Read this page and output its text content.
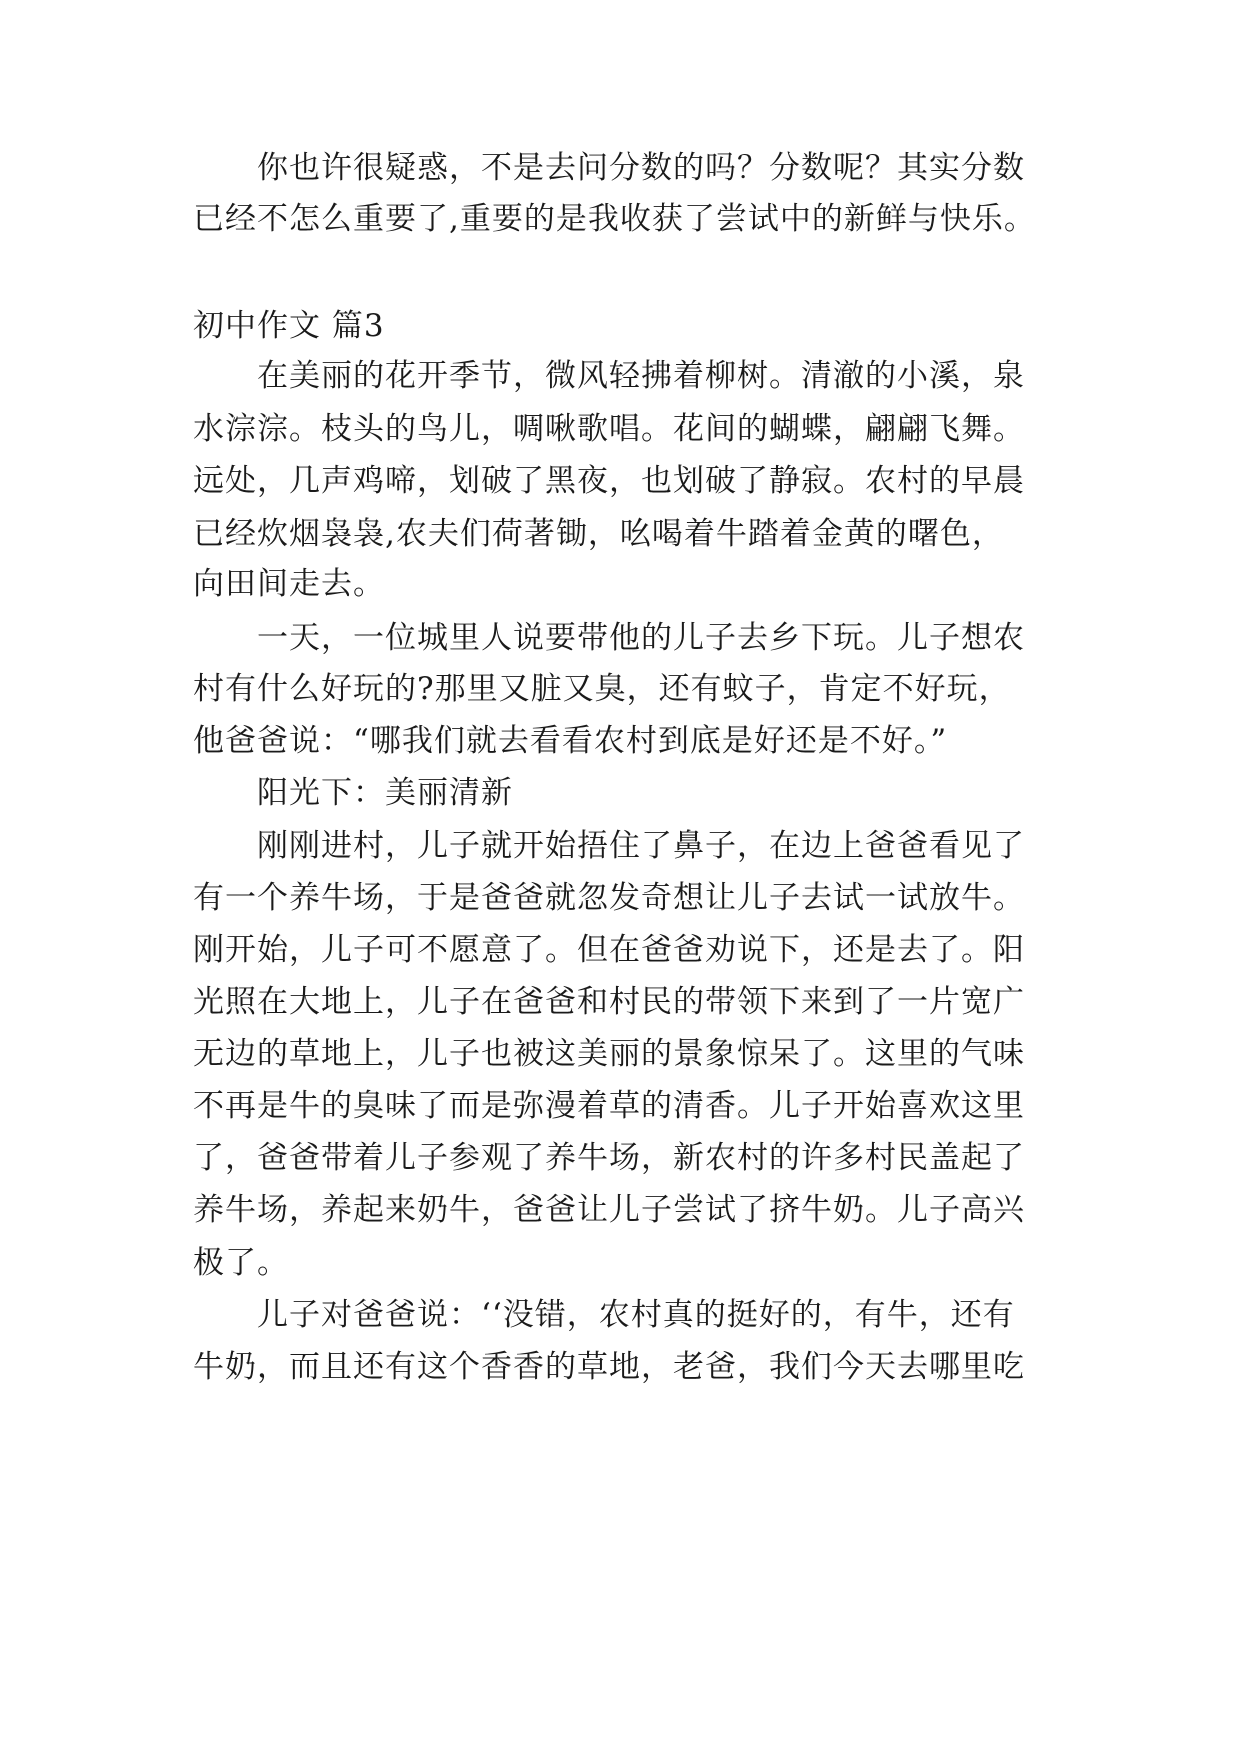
你也许很疑惑，不是去问分数的吗？分数呢？其实分数
已经不怎么重要了,重要的是我收获了尝试中的新鲜与快乐。
初中作文 篇3
在美丽的花开季节，微风轻拂着柳树。清澈的小溪，泉
水淙淙。枝头的鸟儿，啁啾歌唱。花间的蝴蝶，翩翩飞舞。
远处，几声鸡啼，划破了黑夜，也划破了静寂。农村的早晨
已经炊烟袅袅,农夫们荷著锄，吆喝着牛踏着金黄的曙色，
向田间走去。
一天，一位城里人说要带他的儿子去乡下玩。儿子想农
村有什么好玩的?那里又脏又臭，还有蚊子，肯定不好玩，
他爸爸说：“哪我们就去看看农村到底是好还是不好。”
阳光下：美丽清新
刚刚进村，儿子就开始捂住了鼻子，在边上爸爸看见了
有一个养牛场，于是爸爸就忽发奇想让儿子去试一试放牛。
刚开始，儿子可不愿意了。但在爸爸劝说下，还是去了。阳
光照在大地上，儿子在爸爸和村民的带领下来到了一片宽广
无边的草地上，儿子也被这美丽的景象惊呆了。这里的气味
不再是牛的臭味了而是弥漫着草的清香。儿子开始喜欢这里
了，爸爸带着儿子参观了养牛场，新农村的许多村民盖起了
养牛场，养起来奶牛，爸爸让儿子尝试了挤牛奶。儿子高兴
极了。
儿子对爸爸说：‘‘没错，农村真的挺好的，有牛，还有
牛奶，而且还有这个香香的草地，老爸，我们今天去哪里吃
